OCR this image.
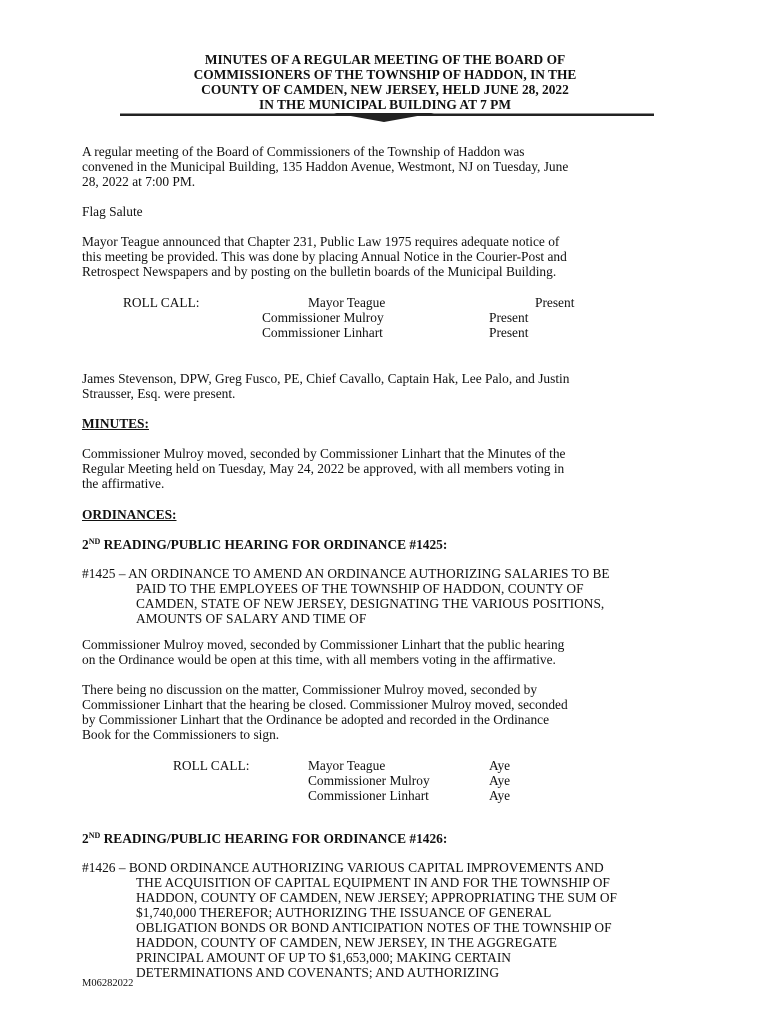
MINUTES OF A REGULAR MEETING OF THE BOARD OF
COMMISSIONERS OF THE TOWNSHIP OF HADDON, IN THE
COUNTY OF CAMDEN, NEW JERSEY, HELD JUNE 28, 2022
IN THE MUNICIPAL BUILDING AT 7 PM
A regular meeting of the Board of Commissioners of the Township of Haddon was
convened in the Municipal Building, 135 Haddon Avenue, Westmont, NJ on Tuesday, June
28, 2022 at 7:00 PM.
Flag Salute
Mayor Teague announced that Chapter 231, Public Law 1975 requires adequate notice of
this meeting be provided. This was done by placing Annual Notice in the Courier-Post and
Retrospect Newspapers and by posting on the bulletin boards of the Municipal Building.
ROLL CALL:	Mayor Teague
Commissioner Mulroy
Commissioner Linhart
Present
Present
Present
James Stevenson, DPW, Greg Fusco, PE, Chief Cavallo, Captain Hak, Lee Palo, and Justin
Strausser, Esq. were present.
MINUTES:
Commissioner Mulroy moved, seconded by Commissioner Linhart that the Minutes of the
Regular Meeting held on Tuesday, May 24, 2022 be approved, with all members voting in
the affirmative.
ORDINANCES:
2ND READING/PUBLIC HEARING FOR ORDINANCE #1425:
#1425 – AN ORDINANCE TO AMEND AN ORDINANCE AUTHORIZING SALARIES TO BE
PAID TO THE EMPLOYEES OF THE TOWNSHIP OF HADDON, COUNTY OF
CAMDEN, STATE OF NEW JERSEY, DESIGNATING THE VARIOUS POSITIONS,
AMOUNTS OF SALARY AND TIME OF
Commissioner Mulroy moved, seconded by Commissioner Linhart that the public hearing
on the Ordinance would be open at this time, with all members voting in the affirmative.
There being no discussion on the matter, Commissioner Mulroy moved, seconded by
Commissioner Linhart that the hearing be closed. Commissioner Mulroy moved, seconded
by Commissioner Linhart that the Ordinance be adopted and recorded in the Ordinance
Book for the Commissioners to sign.
ROLL CALL:	Mayor Teague
Commissioner Mulroy
Commissioner Linhart
Aye
Aye
Aye
2ND READING/PUBLIC HEARING FOR ORDINANCE #1426:
#1426 – BOND ORDINANCE AUTHORIZING VARIOUS CAPITAL IMPROVEMENTS AND
THE ACQUISITION OF CAPITAL EQUIPMENT IN AND FOR THE TOWNSHIP OF
HADDON, COUNTY OF CAMDEN, NEW JERSEY; APPROPRIATING THE SUM OF
$1,740,000 THEREFOR; AUTHORIZING THE ISSUANCE OF GENERAL
OBLIGATION BONDS OR BOND ANTICIPATION NOTES OF THE TOWNSHIP OF
HADDON, COUNTY OF CAMDEN, NEW JERSEY, IN THE AGGREGATE
PRINCIPAL AMOUNT OF UP TO $1,653,000; MAKING CERTAIN
DETERMINATIONS AND COVENANTS; AND AUTHORIZING
M06282022
